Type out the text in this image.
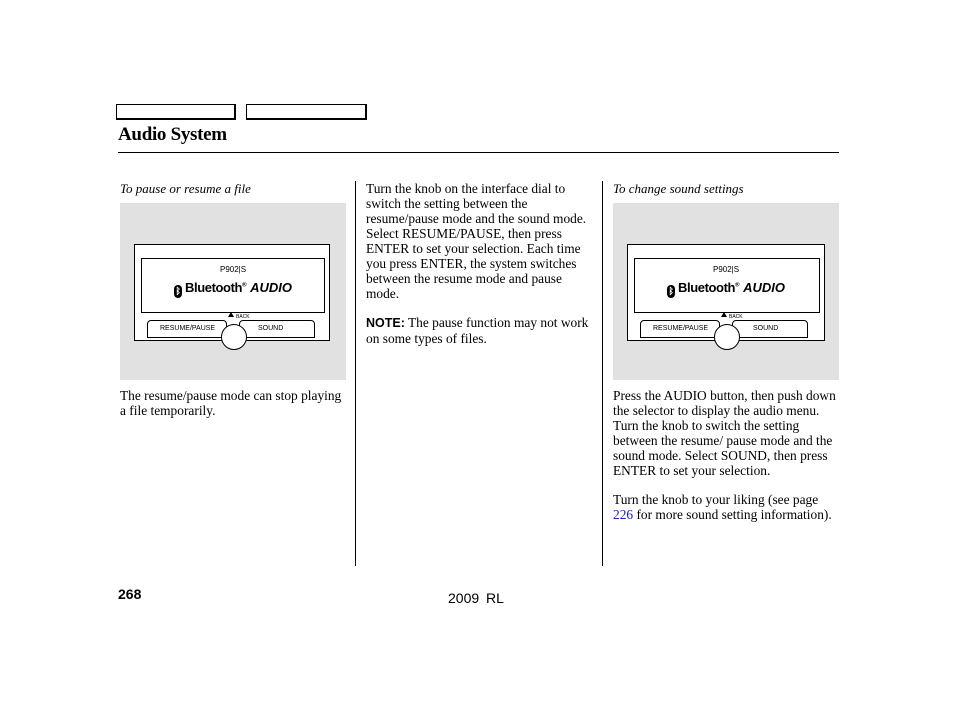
Audio System
To pause or resume a file
P902|S
ᛒ Bluetooth® AUDIO
BACK
RESUME/PAUSE	SOUND

The resume/pause mode can stop playing a file temporarily.

Turn the knob on the interface dial to switch the setting between the resume/pause mode and the sound mode. Select RESUME/PAUSE, then press ENTER to set your selection. Each time you press ENTER, the system switches between the resume mode and pause mode.

NOTE: The pause function may not work on some types of files.

To change sound settings
P902|S
ᛒ Bluetooth® AUDIO
BACK
RESUME/PAUSE	SOUND

Press the AUDIO button, then push down the selector to display the audio menu. Turn the knob to switch the setting between the resume/ pause mode and the sound mode. Select SOUND, then press ENTER to set your selection.

Turn the knob to your liking (see page 226 for more sound setting information).

268	2009 RL
